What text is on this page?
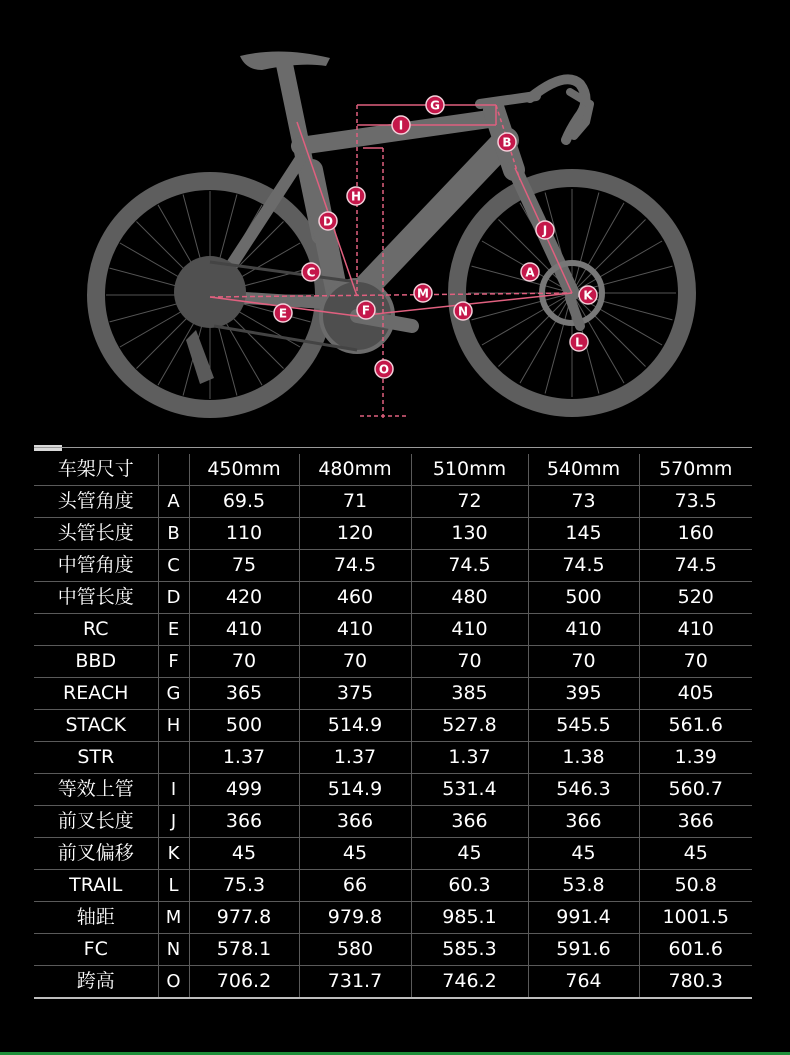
A
B
C
D
E	F
G
H
I
J
K
L
M
N
O
车架尺寸		450mm	480mm	510mm	540mm	570mm
头管角度	A	69.5	71	72	73	73.5
头管长度	B	110	120	130	145	160
中管角度	C	75	74.5	74.5	74.5	74.5
中管长度	D	420	460	480	500	520
RC	E	410	410	410	410	410
BBD	F	70	70	70	70	70
REACH	G	365	375	385	395	405
STACK	H	500	514.9	527.8	545.5	561.6
STR		1.37	1.37	1.37	1.38	1.39
等效上管	I	499	514.9	531.4	546.3	560.7
前叉长度	J	366	366	366	366	366
前叉偏移	K	45	45	45	45	45
TRAIL	L	75.3	66	60.3	53.8	50.8
轴距	M	977.8	979.8	985.1	991.4	1001.5
FC	N	578.1	580	585.3	591.6	601.6
跨高	O	706.2	731.7	746.2	764	780.3
